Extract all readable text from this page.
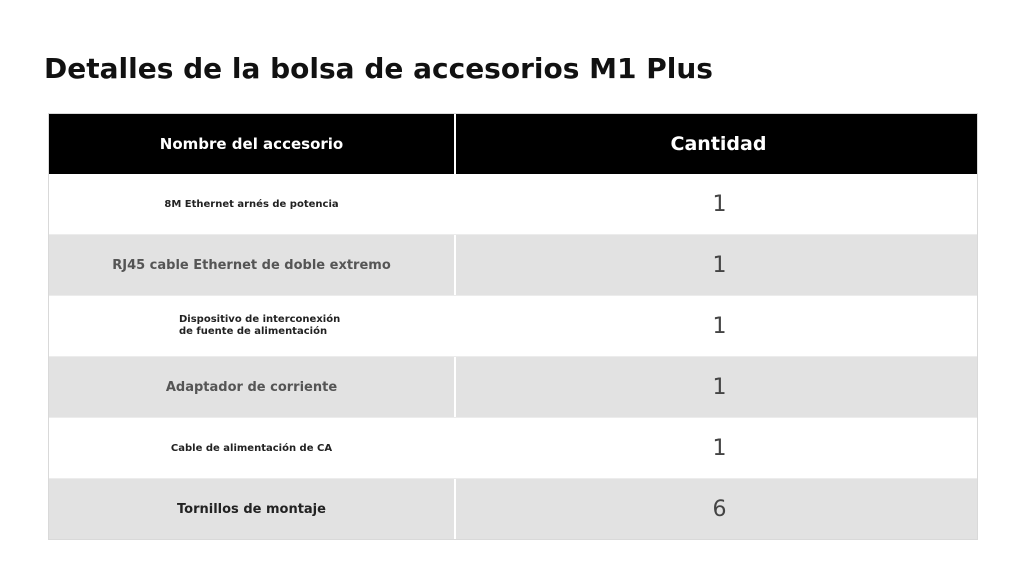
Detalles de la bolsa de accesorios M1 Plus
Nombre del accesorio	Cantidad
8M Ethernet arnés de potencia	1
RJ45 cable Ethernet de doble extremo	1
Dispositivo de interconexión de fuente de alimentación	1
Adaptador de corriente	1
Cable de alimentación de CA	1
Tornillos de montaje	6
